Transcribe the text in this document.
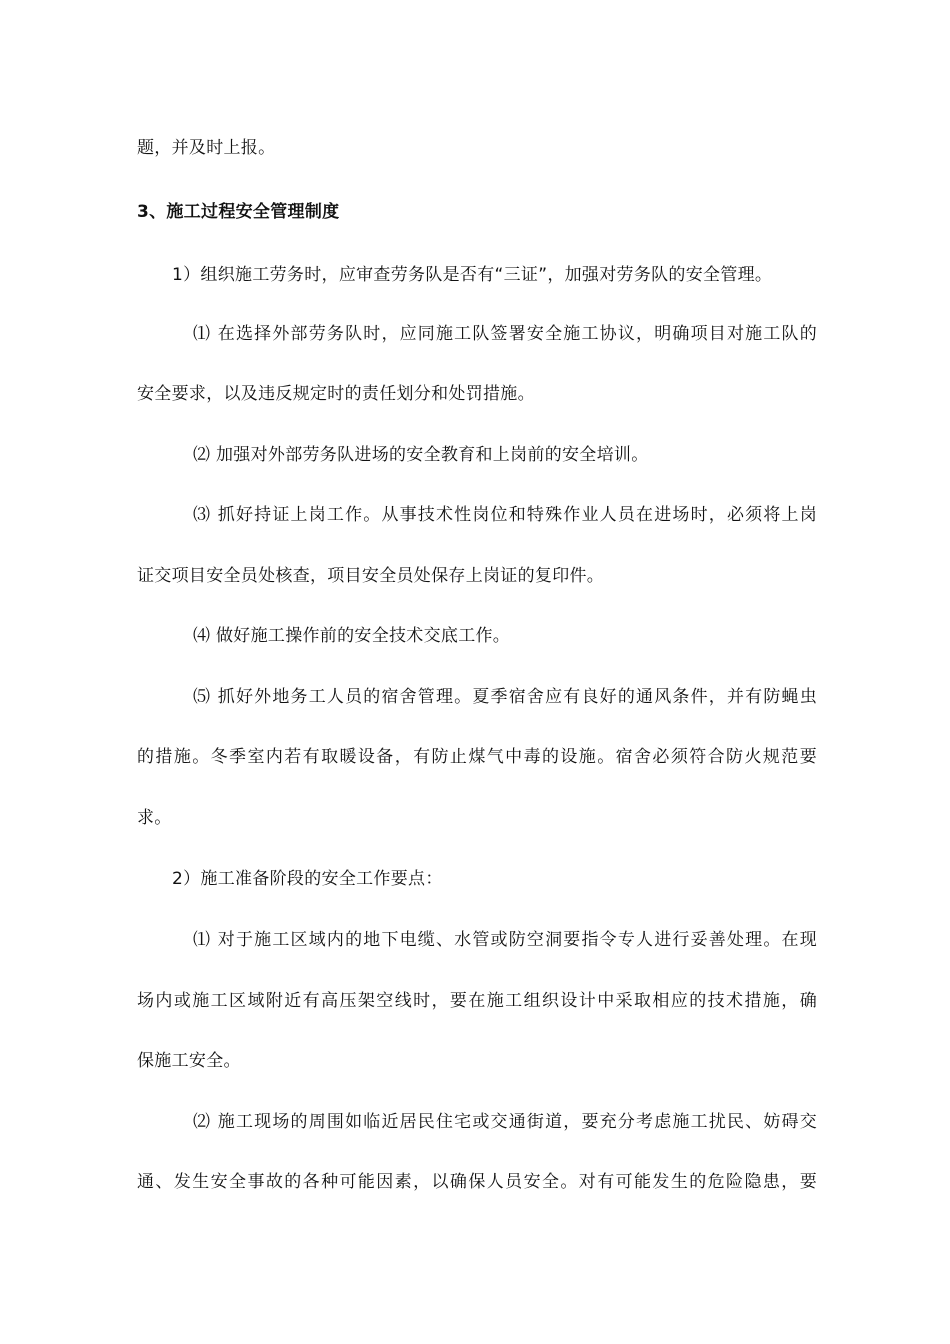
题，并及时上报。
3、施工过程安全管理制度
1）组织施工劳务时，应审查劳务队是否有“三证”，加强对劳务队的安全管理。
⑴ 在选择外部劳务队时，应同施工队签署安全施工协议，明确项目对施工队的
安全要求，以及违反规定时的责任划分和处罚措施。
⑵ 加强对外部劳务队进场的安全教育和上岗前的安全培训。
⑶ 抓好持证上岗工作。从事技术性岗位和特殊作业人员在进场时，必须将上岗
证交项目安全员处核查，项目安全员处保存上岗证的复印件。
⑷ 做好施工操作前的安全技术交底工作。
⑸ 抓好外地务工人员的宿舍管理。夏季宿舍应有良好的通风条件，并有防蝇虫
的措施。冬季室内若有取暖设备，有防止煤气中毒的设施。宿舍必须符合防火规范要
求。
2）施工准备阶段的安全工作要点：
⑴ 对于施工区域内的地下电缆、水管或防空洞要指令专人进行妥善处理。在现
场内或施工区域附近有高压架空线时，要在施工组织设计中采取相应的技术措施，确
保施工安全。
⑵ 施工现场的周围如临近居民住宅或交通街道，要充分考虑施工扰民、妨碍交
通、发生安全事故的各种可能因素，以确保人员安全。对有可能发生的危险隐患，要
